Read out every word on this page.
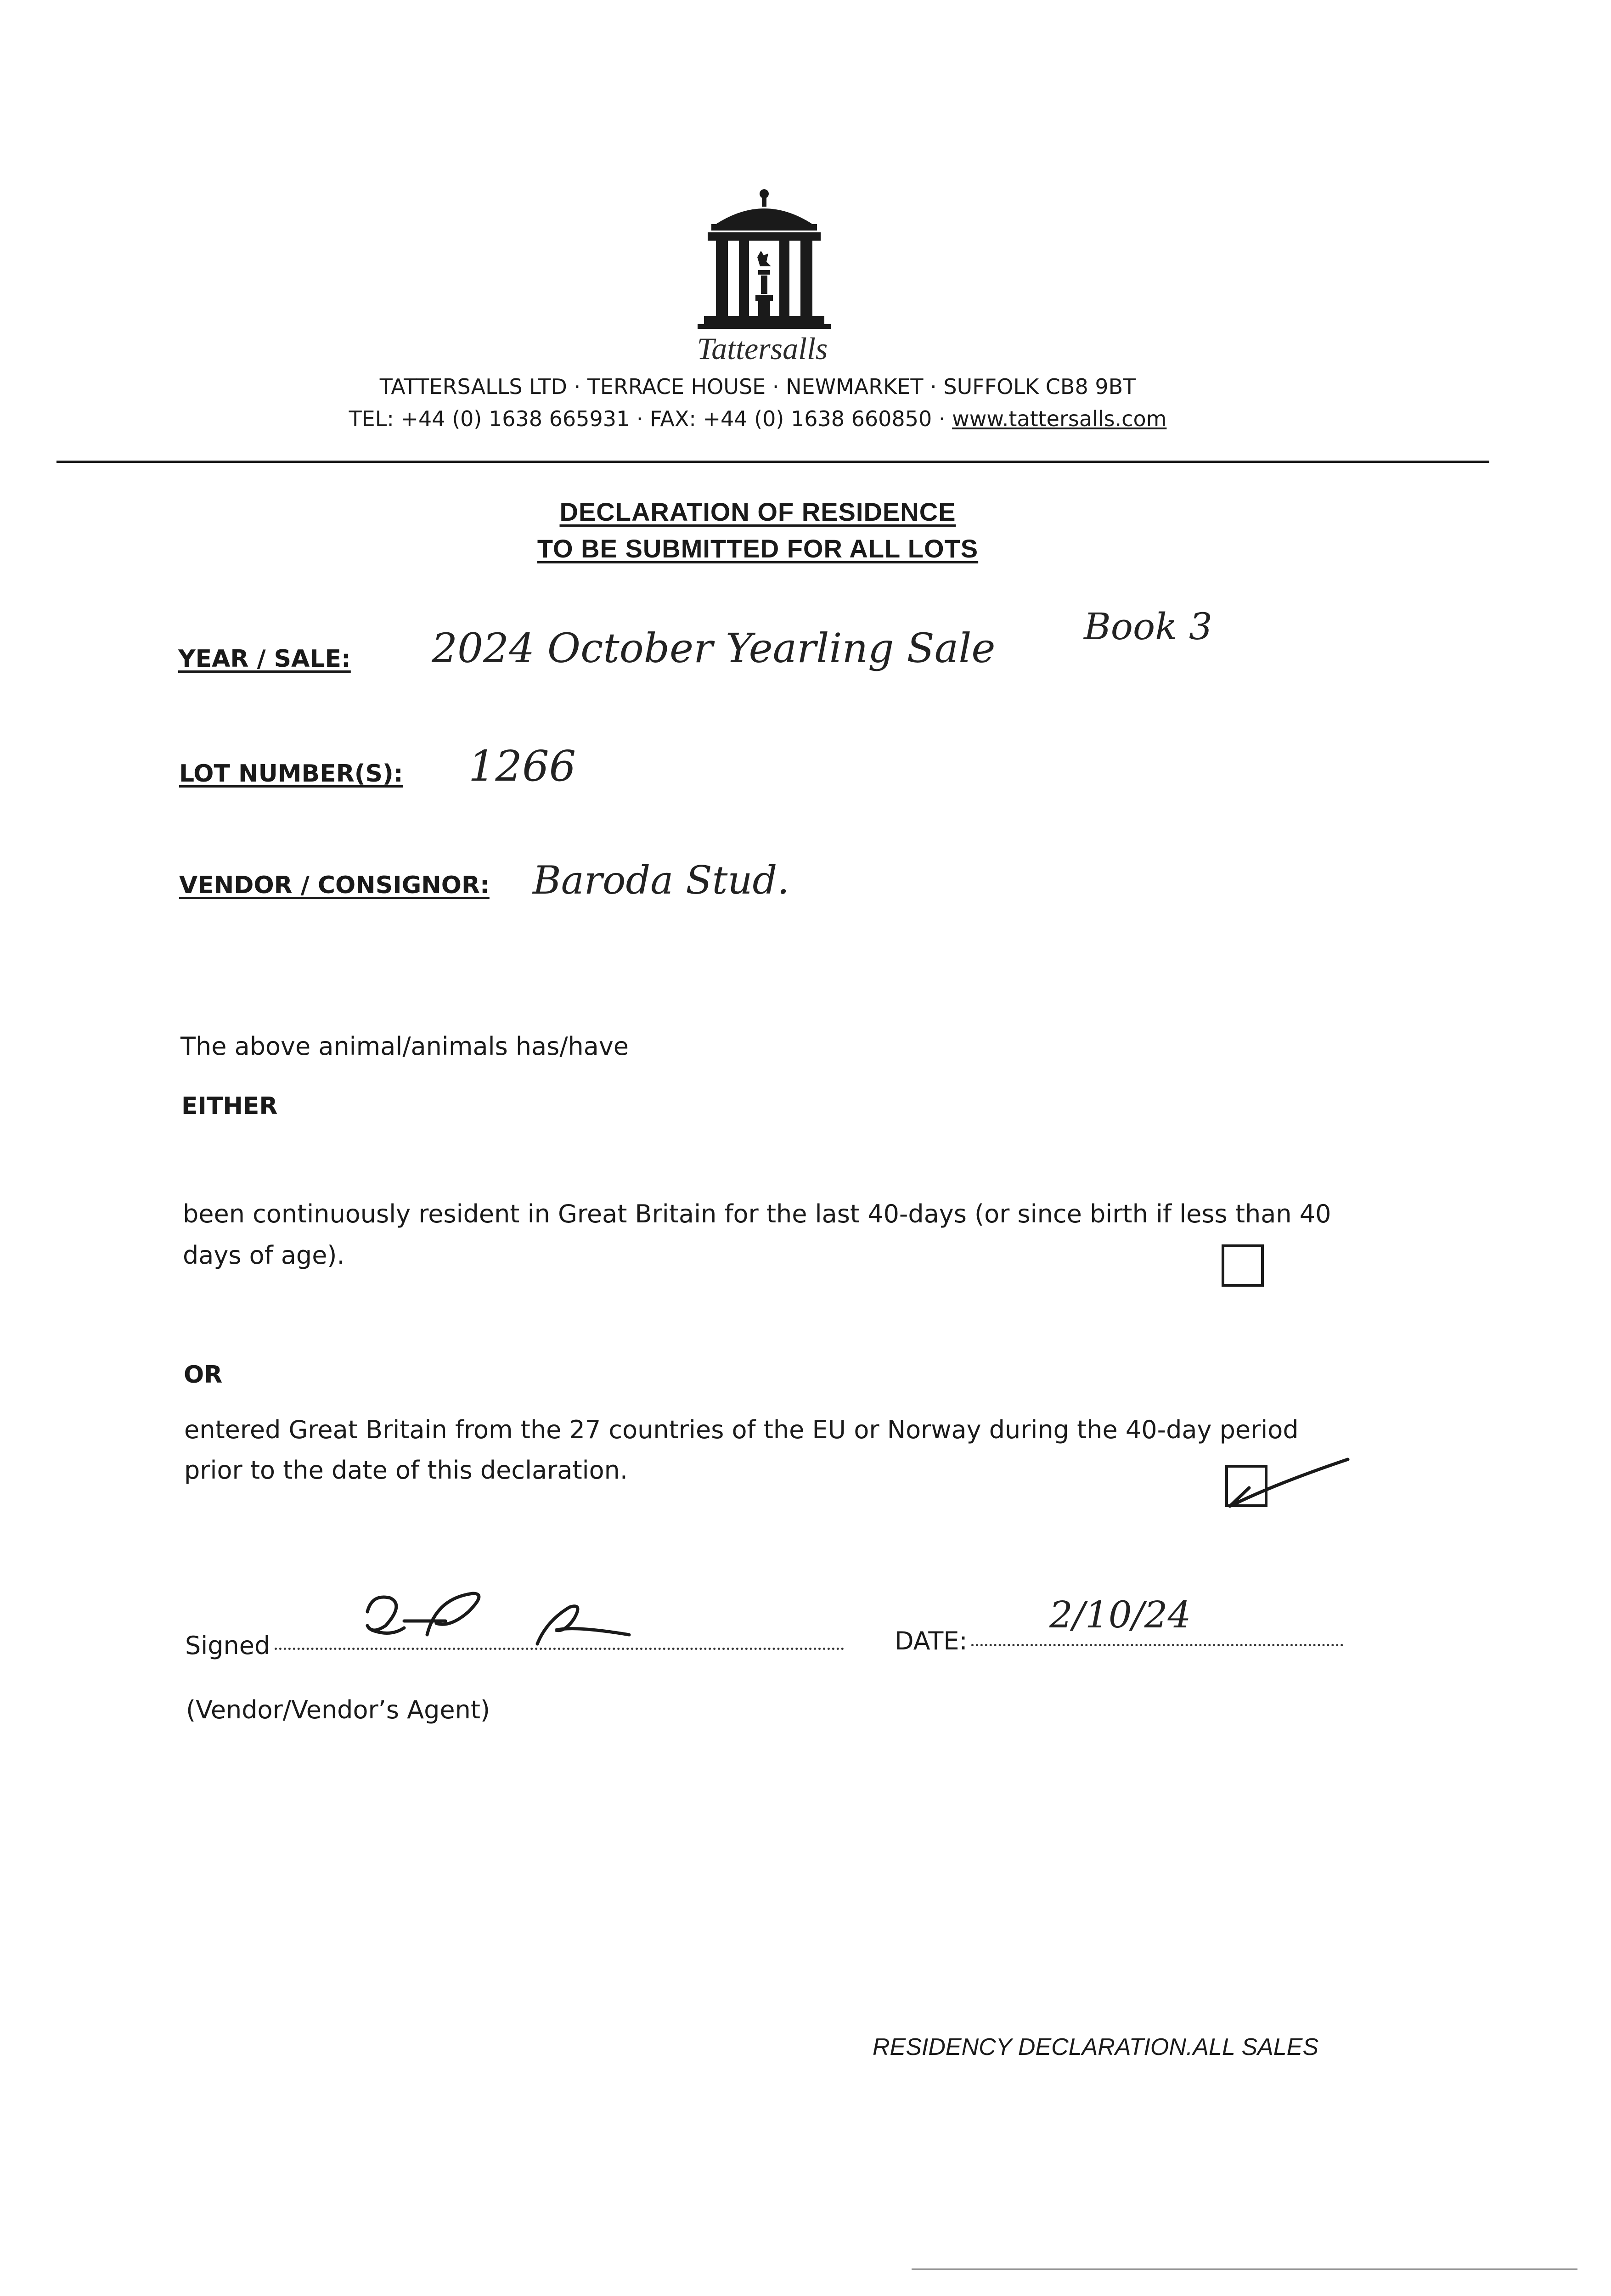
Tattersalls
TATTERSALLS LTD · TERRACE HOUSE · NEWMARKET · SUFFOLK CB8 9BT
TEL: +44 (0) 1638 665931 · FAX: +44 (0) 1638 660850 · www.tattersalls.com
DECLARATION OF RESIDENCE
TO BE SUBMITTED FOR ALL LOTS
YEAR / SALE: 2024 October Yearling Sale Book 3
LOT NUMBER(S): 1266
VENDOR / CONSIGNOR: Baroda Stud.
The above animal/animals has/have
EITHER
been continuously resident in Great Britain for the last 40-days (or since birth if less than 40
days of age).
OR
entered Great Britain from the 27 countries of the EU or Norway during the 40-day period
prior to the date of this declaration.
Signed	DATE:
2/10/24
(Vendor/Vendor’s Agent)
RESIDENCY DECLARATION.ALL SALES
